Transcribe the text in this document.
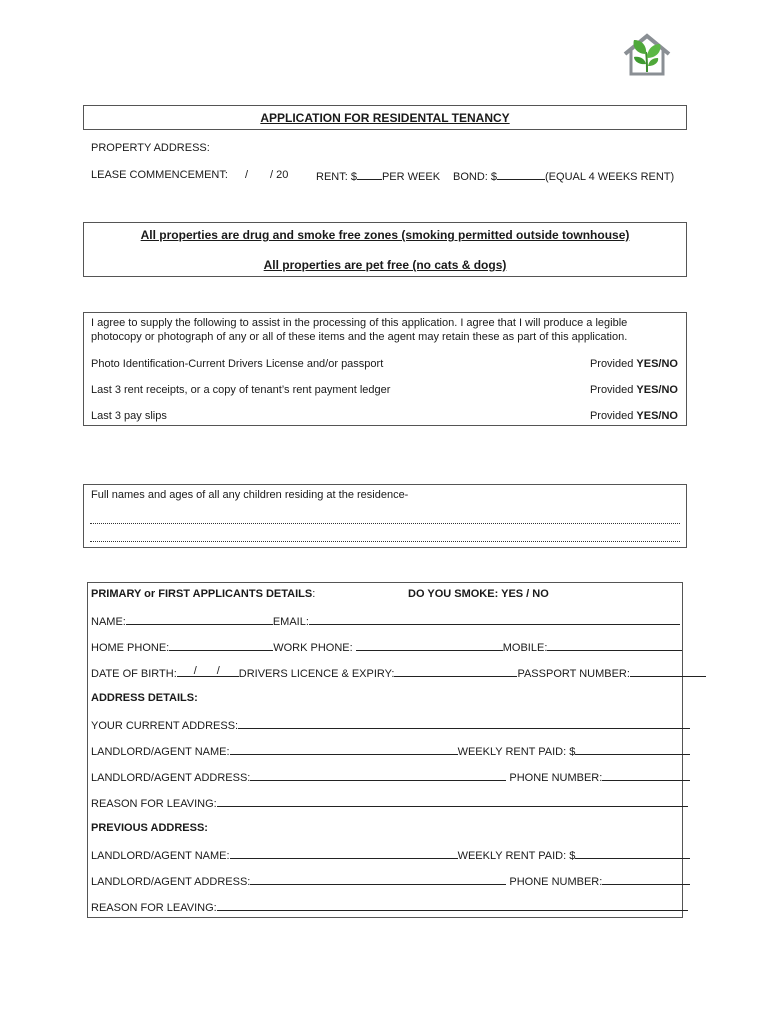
APPLICATION FOR RESIDENTAL TENANCY
PROPERTY ADDRESS:
LEASE COMMENCEMENT: / / 20	RENT: $ PER WEEK BOND: $	(EQUAL 4 WEEKS RENT)
All properties are drug and smoke free zones (smoking permitted outside townhouse)
All properties are pet free (no cats & dogs)
I agree to supply the following to assist in the processing of this application. I agree that I will produce a legible photocopy or photograph of any or all of these items and the agent may retain these as part of this application.
Photo Identification-Current Drivers License and/or passport	Provided YES/NO
Last 3 rent receipts, or a copy of tenant’s rent payment ledger	Provided YES/NO
Last 3 pay slips	Provided YES/NO
Full names and ages of all any children residing at the residence-
PRIMARY or FIRST APPLICANTS DETAILS:	DO YOU SMOKE: YES / NO
NAME:	EMAIL:
HOME PHONE:	WORK PHONE:	MOBILE:
DATE OF BIRTH: / / DRIVERS LICENCE & EXPIRY:	PASSPORT NUMBER:
ADDRESS DETAILS:
YOUR CURRENT ADDRESS:
LANDLORD/AGENT NAME:	WEEKLY RENT PAID: $
LANDLORD/AGENT ADDRESS:	PHONE NUMBER:
REASON FOR LEAVING:
PREVIOUS ADDRESS:
LANDLORD/AGENT NAME:	WEEKLY RENT PAID: $
LANDLORD/AGENT ADDRESS:	PHONE NUMBER:
REASON FOR LEAVING:
